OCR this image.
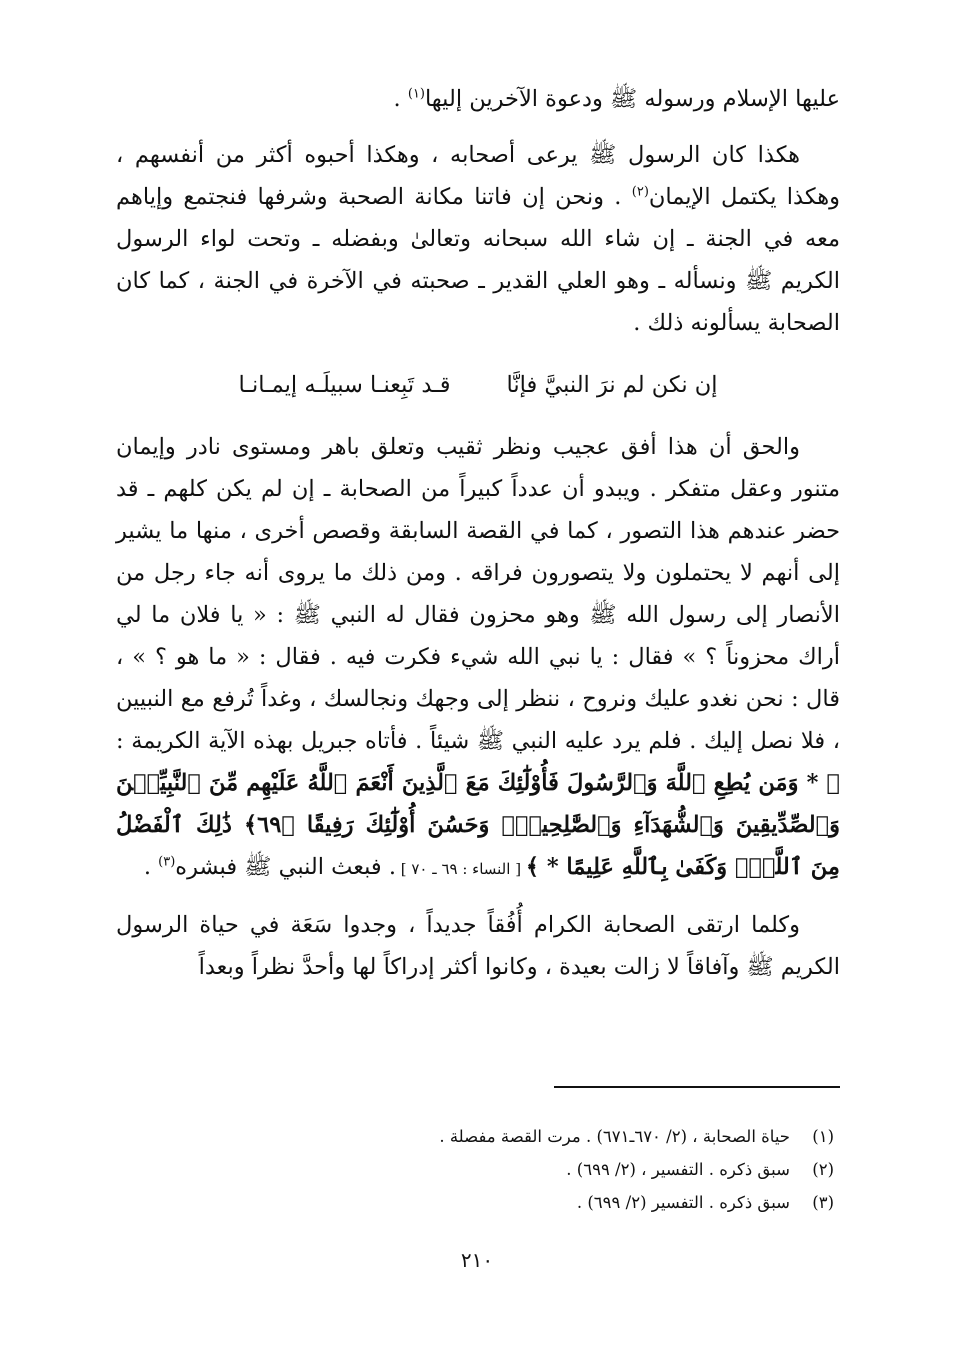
عليها الإسلام ورسوله ﷺ ودعوة الآخرين إليها$^{(١)}$ .

هكذا كان الرسول ﷺ يرعى أصحابه ، وهكذا أحبوه أكثر من أنفسهم ، وهكذا يكتمل الإيمان$^{(٢)}$ . ونحن إن فاتنا مكانة الصحبة وشرفها فنجتمع وإياهم معه في الجنة ـ إن شاء الله سبحانه وتعالىٰ وبفضله ـ وتحت لواء الرسول الكريم ﷺ ونسأله ـ وهو العلي القدير ـ صحبته في الآخرة في الجنة ، كما كان الصحابة يسألونه ذلك .

إن نكن لم نرَ النبيَّ فإنَّا
قـد تَبِعنـا سبيلَـه إيمـانـا

والحق أن هذا أفق عجيب ونظر ثقيب وتعلق باهر ومستوى نادر وإيمان متنور وعقل متفكر . ويبدو أن عدداً كبيراً من الصحابة ـ إن لم يكن كلهم ـ قد حضر عندهم هذا التصور ، كما في القصة السابقة وقصص أخرى ، منها ما يشير إلى أنهم لا يحتملون ولا يتصورون فراقه . ومن ذلك ما يروى أنه جاء رجل من الأنصار إلى رسول الله ﷺ وهو محزون فقال له النبي ﷺ : « يا فلان ما لي أراك محزوناً ؟ » فقال : يا نبي الله شيء فكرت فيه . فقال : « ما هو ؟ » ، قال : نحن نغدو عليك ونروح ، ننظر إلى وجهك ونجالسك ، وغداً تُرفع مع النبيين ، فلا نصل إليك . فلم يرد عليه النبي ﷺ شيئاً . فأتاه جبريل بهذه الآية الكريمة : ﴿ * وَمَن يُطِعِ ٱللَّهَ وَٱلرَّسُولَ فَأُوْلَٰٓئِكَ مَعَ ٱلَّذِينَ أَنْعَمَ ٱللَّهُ عَلَيْهِم مِّنَ ٱلنَّبِيِّـۧنَ وَٱلصِّدِّيقِينَ وَٱلشُّهَدَآءِ وَٱلصَّٰلِحِينَۚ وَحَسُنَ أُوْلَٰٓئِكَ رَفِيقًا ﴿٦٩﴾ ذَٰلِكَ ٱلْفَضْلُ مِنَ ٱللَّهِۚ وَكَفَىٰ بِٱللَّهِ عَلِيمًا * ﴾ [ النساء : ٦٩ ـ ٧٠ ] . فبعث النبي ﷺ فبشره$^{(٣)}$ .

وكلما ارتقى الصحابة الكرام أُفُقاً جديداً ، وجدوا سَعَة في حياة الرسول الكريم ﷺ وآفاقاً لا زالت بعيدة ، وكانوا أكثر إدراكاً لها وأحدَّ نظراً وبعداً

(١)
حياة الصحابة ، (٢/ ٦٧٠ـ٦٧١) . مرت القصة مفصلة .
(٢)
سبق ذكره . التفسير ، (٢/ ٦٩٩) .
(٣)
سبق ذكره . التفسير (٢/ ٦٩٩) .
٢١٠
